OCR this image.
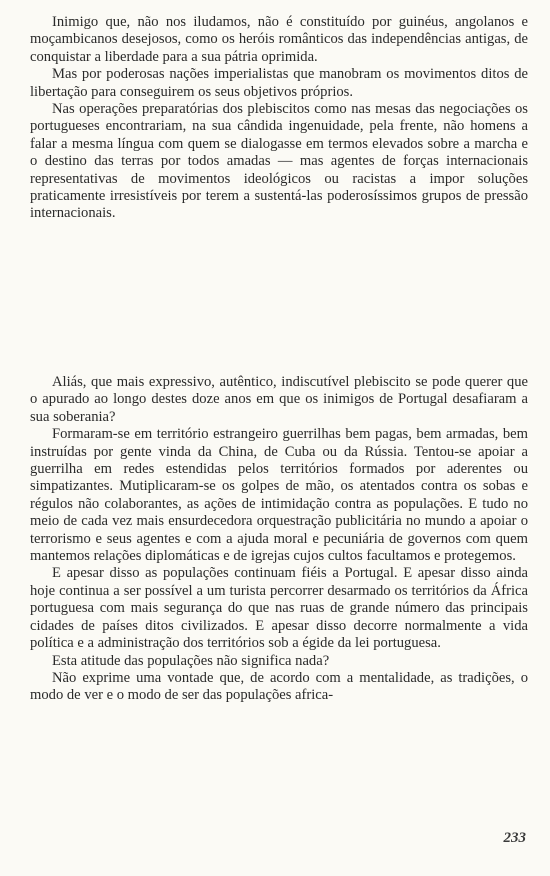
Inimigo que, não nos iludamos, não é constituído por guinéus, angolanos e moçambicanos desejosos, como os heróis românticos das independências antigas, de conquistar a liberdade para a sua pátria oprimida.

Mas por poderosas nações imperialistas que manobram os movimentos ditos de libertação para conseguirem os seus objetivos próprios.

Nas operações preparatórias dos plebiscitos como nas mesas das negociações os portugueses encontrariam, na sua cândida ingenuidade, pela frente, não homens a falar a mesma língua com quem se dialogasse em termos elevados sobre a marcha e o destino das terras por todos amadas — mas agentes de forças internacionais representativas de movimentos ideológicos ou racistas a impor soluções praticamente irresistíveis por terem a sustentá-las poderosíssimos grupos de pressão internacionais.

Aliás, que mais expressivo, autêntico, indiscutível plebiscito se pode querer que o apurado ao longo destes doze anos em que os inimigos de Portugal desafiaram a sua soberania?

Formaram-se em território estrangeiro guerrilhas bem pagas, bem armadas, bem instruídas por gente vinda da China, de Cuba ou da Rússia. Tentou-se apoiar a guerrilha em redes estendidas pelos territórios formados por aderentes ou simpatizantes. Mutiplicaram-se os golpes de mão, os atentados contra os sobas e régulos não colaborantes, as ações de intimidação contra as populações. E tudo no meio de cada vez mais ensurdecedora orquestração publicitária no mundo a apoiar o terrorismo e seus agentes e com a ajuda moral e pecuniária de governos com quem mantemos relações diplomáticas e de igrejas cujos cultos facultamos e protegemos.

E apesar disso as populações continuam fiéis a Portugal. E apesar disso ainda hoje continua a ser possível a um turista percorrer desarmado os territórios da África portuguesa com mais segurança do que nas ruas de grande número das principais cidades de países ditos civilizados. E apesar disso decorre normalmente a vida política e a administração dos territórios sob a égide da lei portuguesa.

Esta atitude das populações não significa nada?

Não exprime uma vontade que, de acordo com a mentalidade, as tradições, o modo de ver e o modo de ser das populações africa-

233
